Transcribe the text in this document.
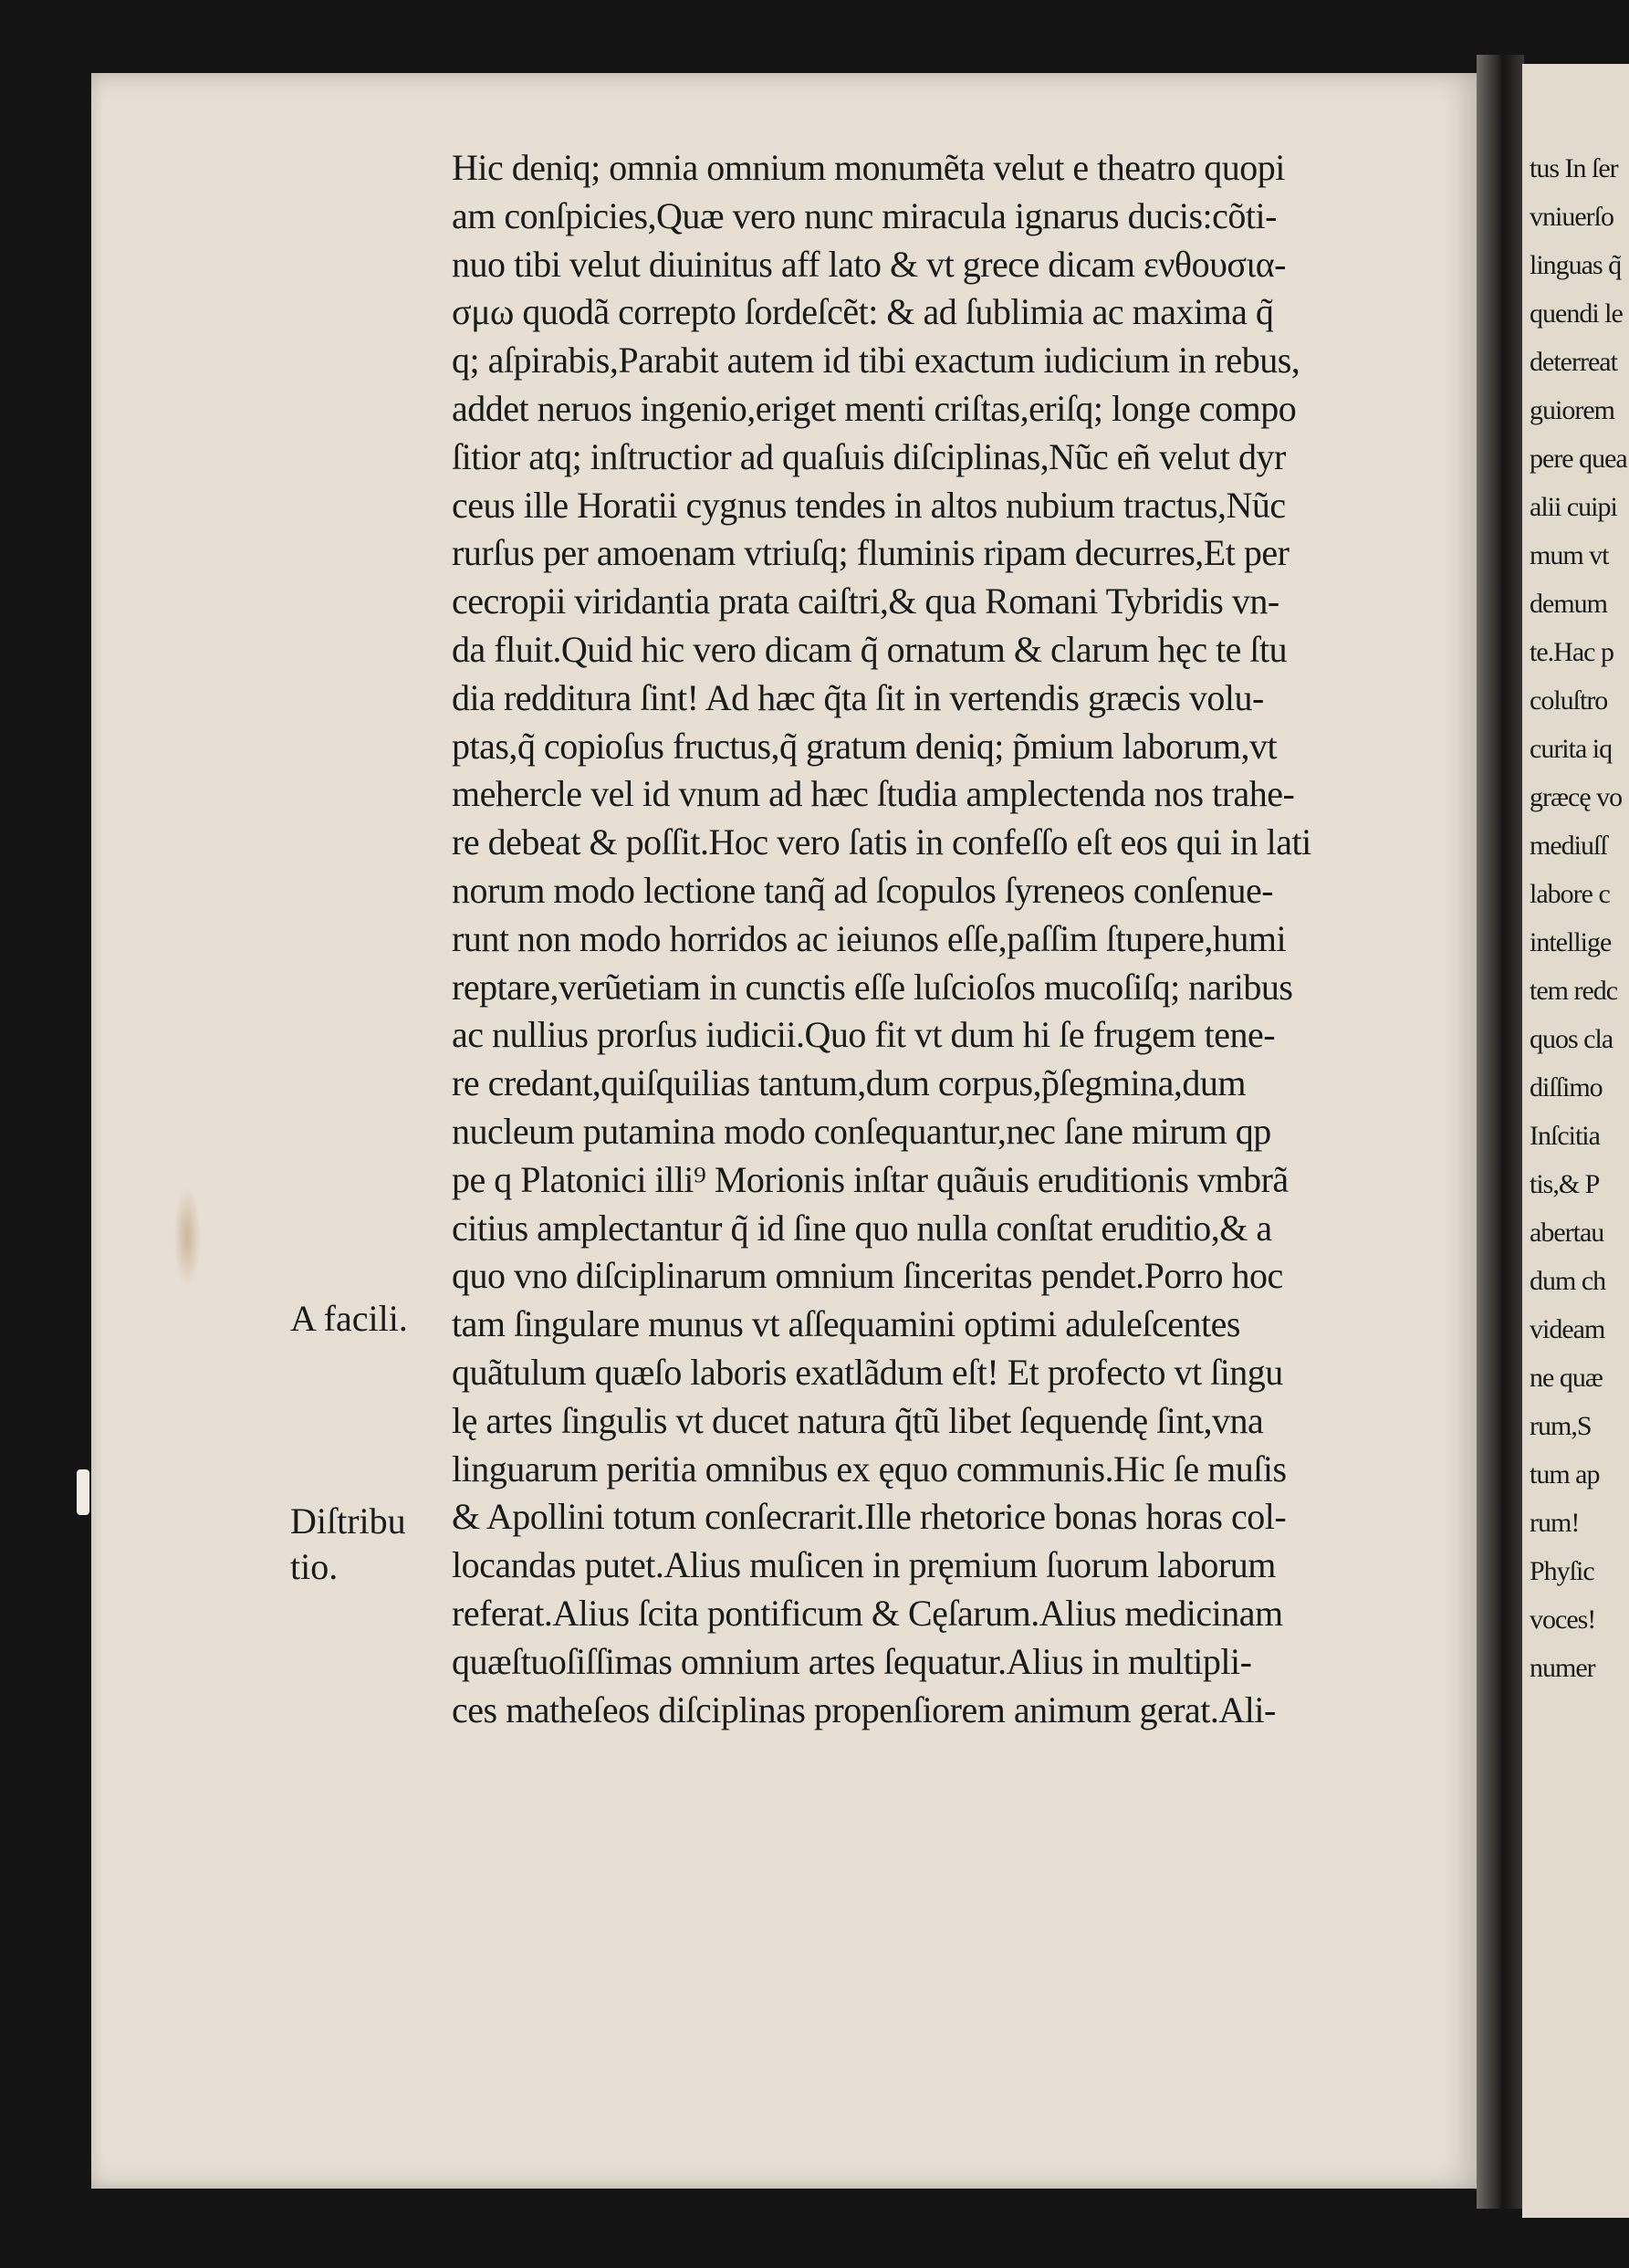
Hic deniq; omnia omnium monumẽta velut e theatro quopi
am conſpicies,Quæ vero nunc miracula ignarus ducis:cõti-
nuo tibi velut diuinitus aff lato & vt grece dicam ενθουσια-
σμω quodã correpto ſordeſcẽt: & ad ſublimia ac maxima q̃
q; aſpirabis,Parabit autem id tibi exactum iudicium in rebus,
addet neruos ingenio,eriget menti criſtas,eriſq; longe compo
ſitior atq; inſtructior ad quaſuis diſciplinas,Nũc eñ velut dyr
ceus ille Horatii cygnus tendes in altos nubium tractus,Nũc
rurſus per amoenam vtriuſq; fluminis ripam decurres,Et per
cecropii viridantia prata caiſtri,& qua Romani Tybridis vn-
da fluit.Quid hic vero dicam q̃ ornatum & clarum hęc te ſtu
dia redditura ſint! Ad hæc q̃ta ſit in vertendis græcis volu-
ptas,q̃ copioſus fructus,q̃ gratum deniq; p̃mium laborum,vt
mehercle vel id vnum ad hæc ſtudia amplectenda nos trahe-
re debeat & poſſit.Hoc vero ſatis in confeſſo eſt eos qui in lati
norum modo lectione tanq̃ ad ſcopulos ſyreneos conſenue-
runt non modo horridos ac ieiunos eſſe,paſſim ſtupere,humi
reptare,verũetiam in cunctis eſſe luſcioſos mucoſiſq; naribus
ac nullius prorſus iudicii.Quo fit vt dum hi ſe frugem tene-
re credant,quiſquilias tantum,dum corpus,p̃ſegmina,dum
nucleum putamina modo conſequantur,nec ſane mirum qp
pe q Platonici illi⁹ Morionis inſtar quãuis eruditionis vmbrã
citius amplectantur q̃ id ſine quo nulla conſtat eruditio,& a
quo vno diſciplinarum omnium ſinceritas pendet.Porro hoc
tam ſingulare munus vt aſſequamini optimi aduleſcentes
quãtulum quæſo laboris exatlãdum eſt! Et profecto vt ſingu
lę artes ſingulis vt ducet natura q̃tũ libet ſequendę ſint,vna
linguarum peritia omnibus ex ęquo communis.Hic ſe muſis
& Apollini totum conſecrarit.Ille rhetorice bonas horas col-
locandas putet.Alius muſicen in pręmium ſuorum laborum
referat.Alius ſcita pontificum & Cęſarum.Alius medicinam
quæſtuoſiſſimas omnium artes ſequatur.Alius in multipli-
ces matheſeos diſciplinas propenſiorem animum gerat.Ali-
A facili.
Diſtribu
tio.
tus In ſer
vniuerſo
linguas q̃
quendi le
deterreat
guiorem
pere quea
alii cuipi
mum vt
demum
te.Hac p
coluſtro
curita iq
græcę vo
mediuſſ
labore c
intellige
tem redc
quos cla
diſſimo
Inſcitia
tis,& P
abertau
dum ch
videam
ne quæ
rum,S
tum ap
rum!
Phyſic
voces!
numer
